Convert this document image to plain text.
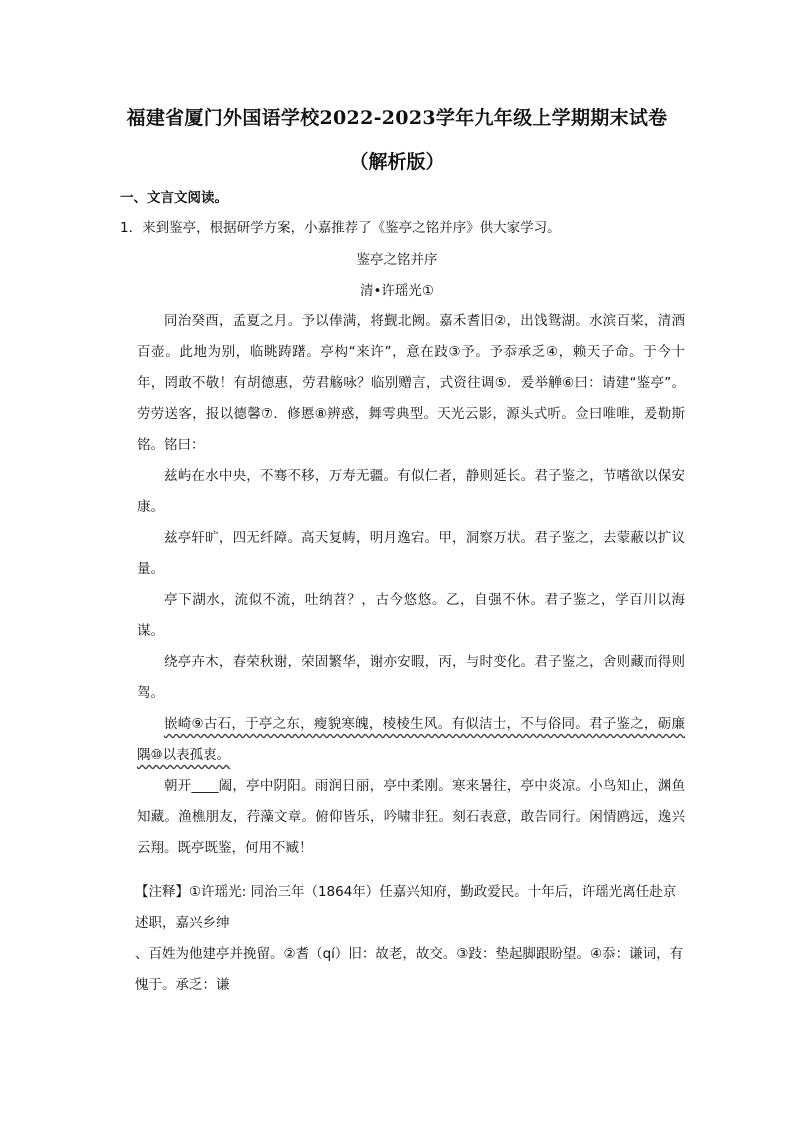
福建省厦门外国语学校2022-2023学年九年级上学期期末试卷
（解析版）
一、文言文阅读。
1．来到鉴亭，根据研学方案，小嘉推荐了《鉴亭之铭并序》供大家学习。
鉴亭之铭并序
清•许瑶光①

同治癸酉，孟夏之月。予以俸满，将觐北阙。嘉禾耆旧②，出饯鸳湖。水滨百桨，清酒百壶。此地为别，临眺踌躇。亭构“来许”，意在跂③予。予忝承乏④，赖天子命。于今十年，罔敢不敬！有胡德惠，劳君觞咏？临别赠言，式资往调⑤．爰举觯⑥曰：请建“鉴亭”。劳劳送客，报以德馨⑦．修慝⑧辨惑，舞雩典型。天光云影，源头式听。佥曰唯唯，爰勒斯铭。铭曰：

兹屿在水中央，不骞不移，万寿无疆。有似仁者，静则延长。君子鉴之，节嗜欲以保安康。

兹亭轩旷，四无纤障。高天复帱，明月逸宕。甲，洞察万状。君子鉴之，去蒙蔽以扩议量。

亭下湖水，流似不流，吐纳苕？，古今悠悠。乙，自强不休。君子鉴之，学百川以海谋。

绕亭卉木，春荣秋谢，荣固繁华，谢亦安暇，丙，与时变化。君子鉴之，舍则藏而得则驾。

嵌崎⑨古石，于亭之东，瘦貌寒魄，棱棱生风。有似洁士，不与俗同。君子鉴之，砺廉隅⑩以表孤衷。

朝开____阖，亭中阴阳。雨润日丽，亭中柔刚。寒来暑往，亭中炎凉。小鸟知止，渊鱼知藏。渔樵朋友，荇藻文章。俯仰皆乐，吟啸非狂。刻石表意，敢告同行。闲情鸥远，逸兴云翔。既亭既鉴，何用不臧！

【注释】①许瑶光: 同治三年（1864年）任嘉兴知府，勤政爱民。十年后，许瑶光离任赴京述职，嘉兴乡绅

、百姓为他建亭并挽留。②耆（qí）旧：故老，故交。③跂：垫起脚跟盼望。④忝：谦词，有愧于。承乏：谦
